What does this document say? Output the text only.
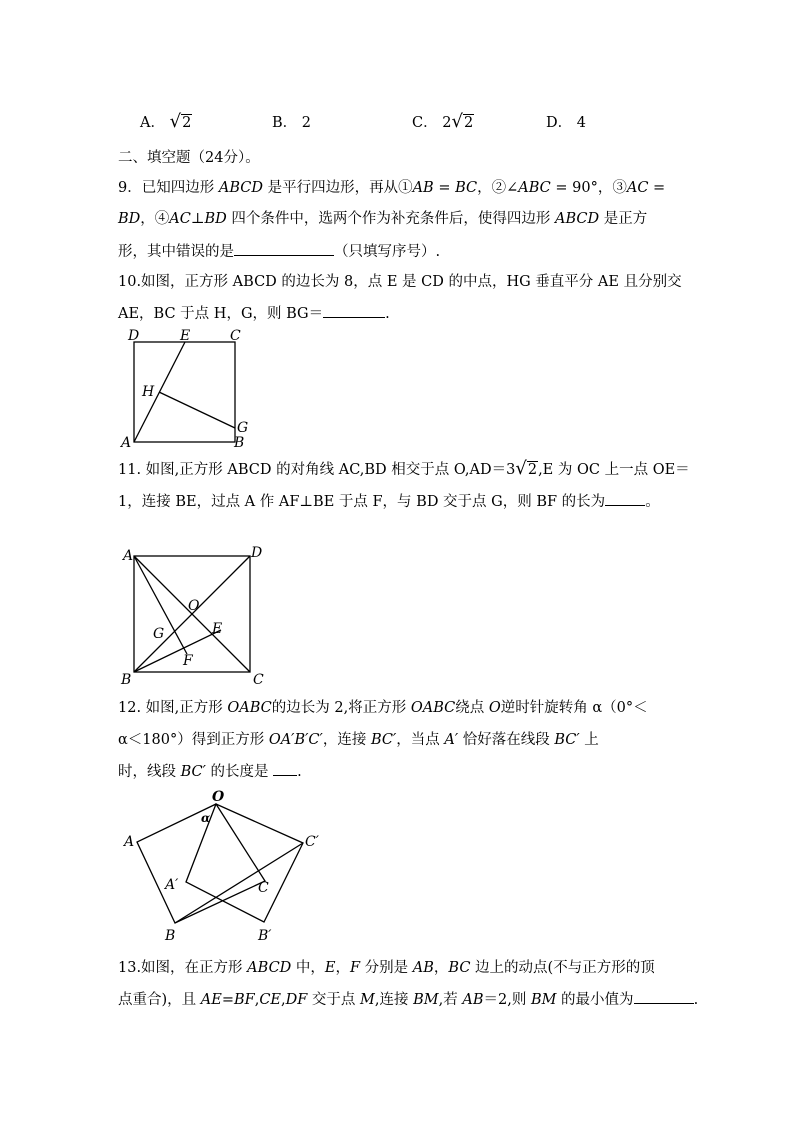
A． √2	B． 2	C． 2√2	D． 4
二、填空题（24分）。
9．已知四边形 ABCD 是平行四边形，再从①AB = BC，②∠ABC = 90°，③AC =
BD，④AC⊥BD 四个条件中，选两个作为补充条件后，使得四边形 ABCD 是正方
形，其中错误的是	（只填写序号）.
10.如图，正方形 ABCD 的边长为 8，点 E 是 CD 的中点，HG 垂直平分 AE 且分别交
AE，BC 于点 H，G，则 BG＝	.
D	E	C
H
G
A	B
11. 如图,正方形 ABCD 的对角线 AC,BD 相交于点 O,AD＝3√2,E 为 OC 上一点 OE＝
1，连接 BE，过点 A 作 AF⊥BE 于点 F，与 BD 交于点 G，则 BF 的长为	。
A	D
O
E
G
F
B	C
12. 如图,正方形 OABC的边长为 2,将正方形 OABC绕点 O逆时针旋转角 α（0°＜
α＜180°）得到正方形 OA′B′C′，连接 BC′，当点 A′ 恰好落在线段 BC′ 上
时，线段 BC′ 的长度是 .
O
α
A	C′
A′	C
B	B′
13.如图，在正方形 ABCD 中，E，F 分别是 AB，BC 边上的动点(不与正方形的顶
点重合)，且 AE=BF,CE,DF 交于点 M,连接 BM,若 AB＝2,则 BM 的最小值为	.
